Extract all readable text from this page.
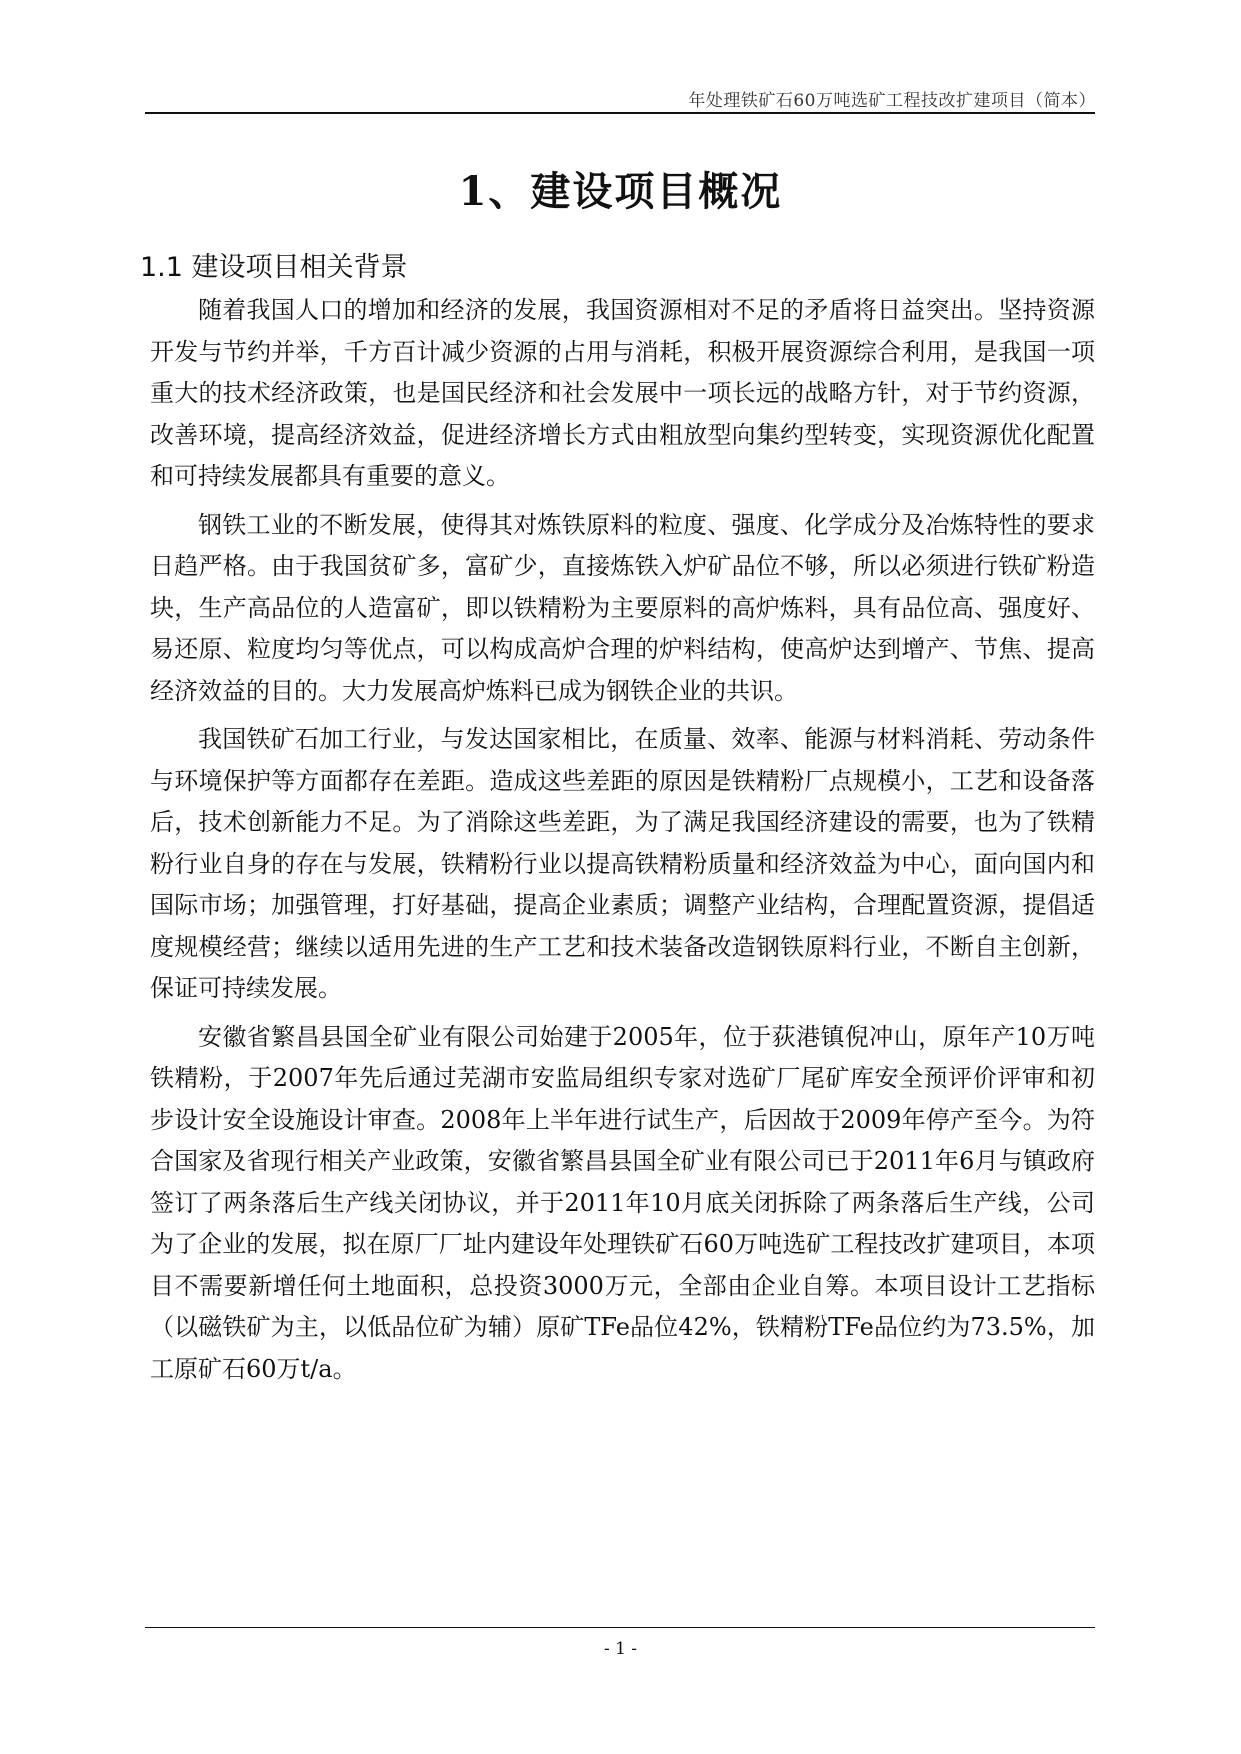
年处理铁矿石60万吨选矿工程技改扩建项目（简本）
1、建设项目概况
1.1 建设项目相关背景

随着我国人口的增加和经济的发展，我国资源相对不足的矛盾将日益突出。坚持资源开发与节约并举，千方百计减少资源的占用与消耗，积极开展资源综合利用，是我国一项重大的技术经济政策，也是国民经济和社会发展中一项长远的战略方针，对于节约资源，改善环境，提高经济效益，促进经济增长方式由粗放型向集约型转变，实现资源优化配置和可持续发展都具有重要的意义。

钢铁工业的不断发展，使得其对炼铁原料的粒度、强度、化学成分及冶炼特性的要求日趋严格。由于我国贫矿多，富矿少，直接炼铁入炉矿品位不够，所以必须进行铁矿粉造块，生产高品位的人造富矿，即以铁精粉为主要原料的高炉炼料，具有品位高、强度好、易还原、粒度均匀等优点，可以构成高炉合理的炉料结构，使高炉达到增产、节焦、提高经济效益的目的。大力发展高炉炼料已成为钢铁企业的共识。

我国铁矿石加工行业，与发达国家相比，在质量、效率、能源与材料消耗、劳动条件与环境保护等方面都存在差距。造成这些差距的原因是铁精粉厂点规模小，工艺和设备落后，技术创新能力不足。为了消除这些差距，为了满足我国经济建设的需要，也为了铁精粉行业自身的存在与发展，铁精粉行业以提高铁精粉质量和经济效益为中心，面向国内和国际市场；加强管理，打好基础，提高企业素质；调整产业结构，合理配置资源，提倡适度规模经营；继续以适用先进的生产工艺和技术装备改造钢铁原料行业，不断自主创新，保证可持续发展。

安徽省繁昌县国全矿业有限公司始建于2005年，位于荻港镇倪冲山，原年产10万吨铁精粉，于2007年先后通过芜湖市安监局组织专家对选矿厂尾矿库安全预评价评审和初步设计安全设施设计审查。2008年上半年进行试生产，后因故于2009年停产至今。为符合国家及省现行相关产业政策，安徽省繁昌县国全矿业有限公司已于2011年6月与镇政府签订了两条落后生产线关闭协议，并于2011年10月底关闭拆除了两条落后生产线，公司为了企业的发展，拟在原厂厂址内建设年处理铁矿石60万吨选矿工程技改扩建项目，本项目不需要新增任何土地面积，总投资3000万元，全部由企业自筹。本项目设计工艺指标（以磁铁矿为主，以低品位矿为辅）原矿TFe品位42%，铁精粉TFe品位约为73.5%，加工原矿石60万t/a。

- 1 -
